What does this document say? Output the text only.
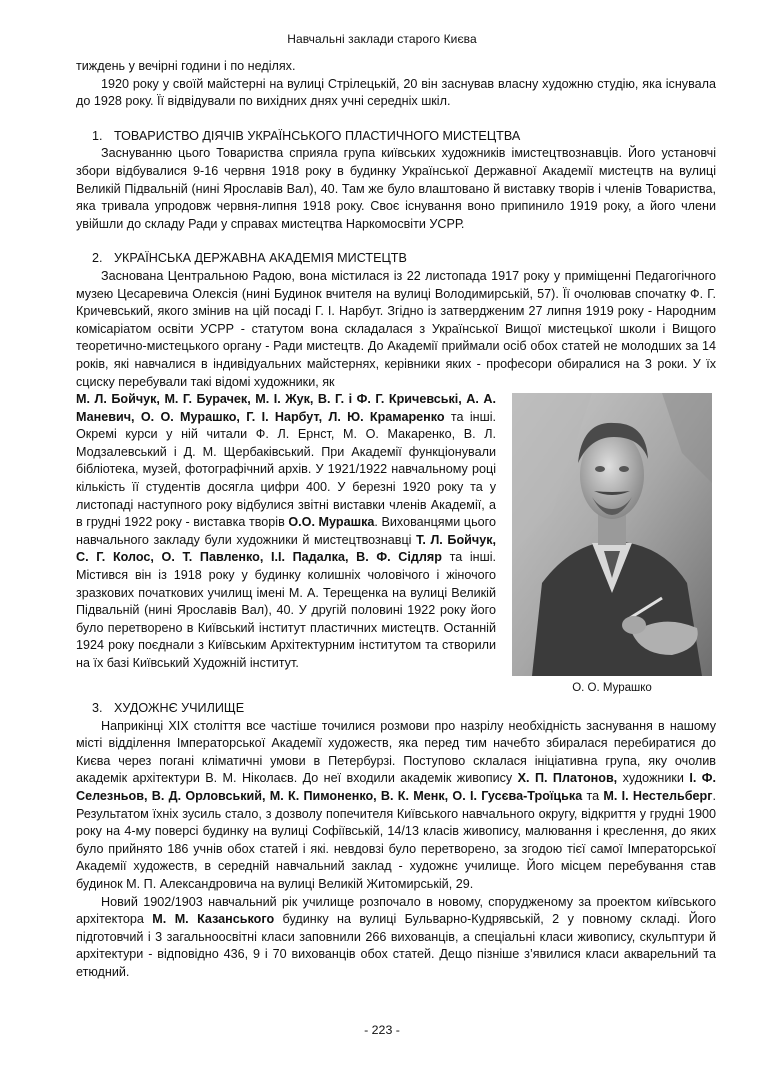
Навчальні заклади старого Києва

тиждень у вечірні години і по неділях.

1920 року у своїй майстерні на вулиці Стрілецькій, 20 він заснував власну художню студію, яка існувала до 1928 року. Її відвідували по вихідних днях учні середніх шкіл.

1. ТОВАРИСТВО ДІЯЧІВ УКРАЇНСЬКОГО ПЛАСТИЧНОГО МИСТЕЦТВА

Заснуванню цього Товариства сприяла група київських художників імистецтвознавців. Його установчі збори відбувалися 9-16 червня 1918 року в будинку Української Державної Академії мистецтв на вулиці Великій Підвальній (нині Ярославів Вал), 40. Там же було влаштовано й виставку творів і членів Товариства, яка тривала упродовж червня-липня 1918 року. Своє існування воно припинило 1919 року, а його члени увійшли до складу Ради у справах мистецтва Наркомосвіти УСРР.

2. УКРАЇНСЬКА ДЕРЖАВНА АКАДЕМІЯ МИСТЕЦТВ

Заснована Центральною Радою, вона містилася із 22 листопада 1917 року у приміщенні Педагогічного музею Цесаревича Олексія (нині Будинок вчителя на вулиці Володимирській, 57). Її очолював спочатку Ф. Г. Кричевський, якого змінив на цій посаді Г. І. Нарбут. Згідно із затвердженим 27 липня 1919 року - Народним комісаріатом освіти УСРР - статутом вона складалася з Української Вищої мистецької школи і Вищого теоретично-мистецького органу - Ради мистецтв. До Академії приймали осіб обох статей не молодших за 14 років, які навчалися в індивідуальних майстернях, керівники яких - професори обиралися на 3 роки. У їх сциску перебували такі відомі художники, як

О. О. Мурашко

М. Л. Бойчук, М. Г. Бурачек, М. І. Жук, В. Г. і Ф. Г. Кричевські, А. А. Маневич, О. О. Мурашко, Г. І. Нарбут, Л. Ю. Крамаренко та інші. Окремі курси у ній читали Ф. Л. Ернст, М. О. Макаренко, В. Л. Модзалевський і Д. М. Щербаківський. При Академії функціонували бібліотека, музей, фотографічний архів. У 1921/1922 навчальному році кількість її студентів досягла цифри 400. У березні 1920 року та у листопаді наступного року відбулися звітні виставки членів Академії, а в грудні 1922 року - виставка творів О.О. Мурашка. Вихованцями цього навчального закладу були художники й мистецтвознавці Т. Л. Бойчук, С. Г. Колос, О. Т. Павленко, І.І. Падалка, В. Ф. Сідляр та інші. Містився він із 1918 року у будинку колишніх чоловічого і жіночого зразкових початкових училищ імені М. А. Терещенка на вулиці Великій Підвальній (нині Ярославів Вал), 40. У другій половині 1922 року його було перетворено в Київський інститут пластичних мистецтв. Останній 1924 року поєднали з Київським Архітектурним інститутом та створили на їх базі Київський Художній інститут.

3. ХУДОЖНЄ УЧИЛИЩЕ

Наприкінці XIX століття все частіше точилися розмови про назрілу необхідність заснування в нашому місті відділення Імператорської Академії художеств, яка перед тим начебто збиралася перебиратися до Києва через погані кліматичні умови в Петербурзі. Поступово склалася ініціативна група, яку очолив академік архітектури В. М. Ніколаєв. До неї входили академік живопису Х. П. Платонов, художники І. Ф. Селезньов, В. Д. Орловський, М. К. Пимоненко, В. К. Менк, О. І. Гусєва-Троїцька та М. І. Нестельберг. Результатом їхніх зусиль стало, з дозволу попечителя Київського навчального округу, відкриття у грудні 1900 року на 4-му поверсі будинку на вулиці Софіївській, 14/13 класів живопису, малювання і креслення, до яких було прийнято 186 учнів обох статей і які. невдовзі було перетворено, за згодою тієї самої Імператорської Академії художеств, в середній навчальний заклад - художнє училище. Його місцем перебування став будинок М. П. Александровича на вулиці Великій Житомирській, 29.

Новий 1902/1903 навчальний рік училище розпочало в новому, спорудженому за проектом київського архітектора М. М. Казанського будинку на вулиці Бульварно-Кудрявській, 2 у повному складі. Його підготовчий і 3 загальноосвітні класи заповнили 266 вихованців, а спеціальні класи живопису, скульптури й архітектури - відповідно 436, 9 і 70 вихованців обох статей. Дещо пізніше з’явилися класи акварельний та етюдний.

- 223 -
